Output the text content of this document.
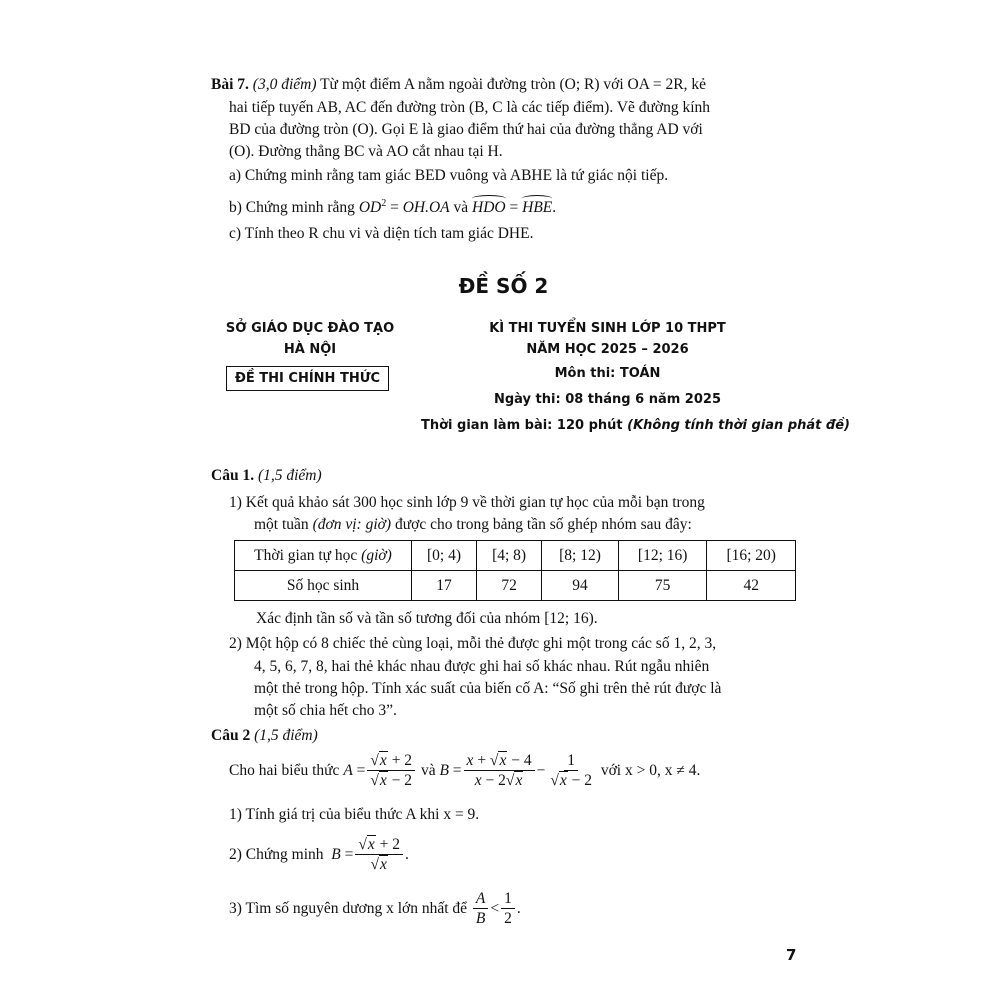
Bài 7. (3,0 điểm) Từ một điểm A nằm ngoài đường tròn (O; R) với OA = 2R, kẻ
hai tiếp tuyến AB, AC đến đường tròn (B, C là các tiếp điểm). Vẽ đường kính
BD của đường tròn (O). Gọi E là giao điểm thứ hai của đường thẳng AD với
(O). Đường thẳng BC và AO cắt nhau tại H.
a) Chứng minh rằng tam giác BED vuông và ABHE là tứ giác nội tiếp.
b) Chứng minh rằng $OD^2 = OH.OA$ và HDO = HBE.
c) Tính theo R chu vi và diện tích tam giác DHE.
ĐỀ SỐ 2
SỞ GIÁO DỤC ĐÀO TẠO
HÀ NỘI
ĐỀ THI CHÍNH THỨC
KÌ THI TUYỂN SINH LỚP 10 THPT
NĂM HỌC 2025 – 2026
Môn thi: TOÁN
Ngày thi: 08 tháng 6 năm 2025
Thời gian làm bài: 120 phút (Không tính thời gian phát đề)
Câu 1. (1,5 điểm)
1) Kết quả khảo sát 300 học sinh lớp 9 về thời gian tự học của mỗi bạn trong
một tuần (đơn vị: giờ) được cho trong bảng tần số ghép nhóm sau đây:
Thời gian tự học (giờ)	[0; 4)	[4; 8)	[8; 12)	[12; 16)	[16; 20)
Số học sinh	17	72	94	75	42
Xác định tần số và tần số tương đối của nhóm [12; 16).
2) Một hộp có 8 chiếc thẻ cùng loại, mỗi thẻ được ghi một trong các số 1, 2, 3,
4, 5, 6, 7, 8, hai thẻ khác nhau được ghi hai số khác nhau. Rút ngẫu nhiên
một thẻ trong hộp. Tính xác suất của biến cố A: “Số ghi trên thẻ rút được là
một số chia hết cho 3”.
Câu 2 (1,5 điểm)
Cho hai biểu thức
$A = \frac{√x + 2}{√x - 2}$ và $B = \frac{x + √x - 4}{x - 2√x} - \frac{1}{√x - 2}$
với x > 0, x ≠ 4.
1) Tính giá trị của biểu thức A khi x = 9.
2) Chứng minh
$B = \frac{√x + 2}{√x}$ .
3) Tìm số nguyên dương x lớn nhất để
$\frac{A}{B} < \frac{1}{2}$ .
7
